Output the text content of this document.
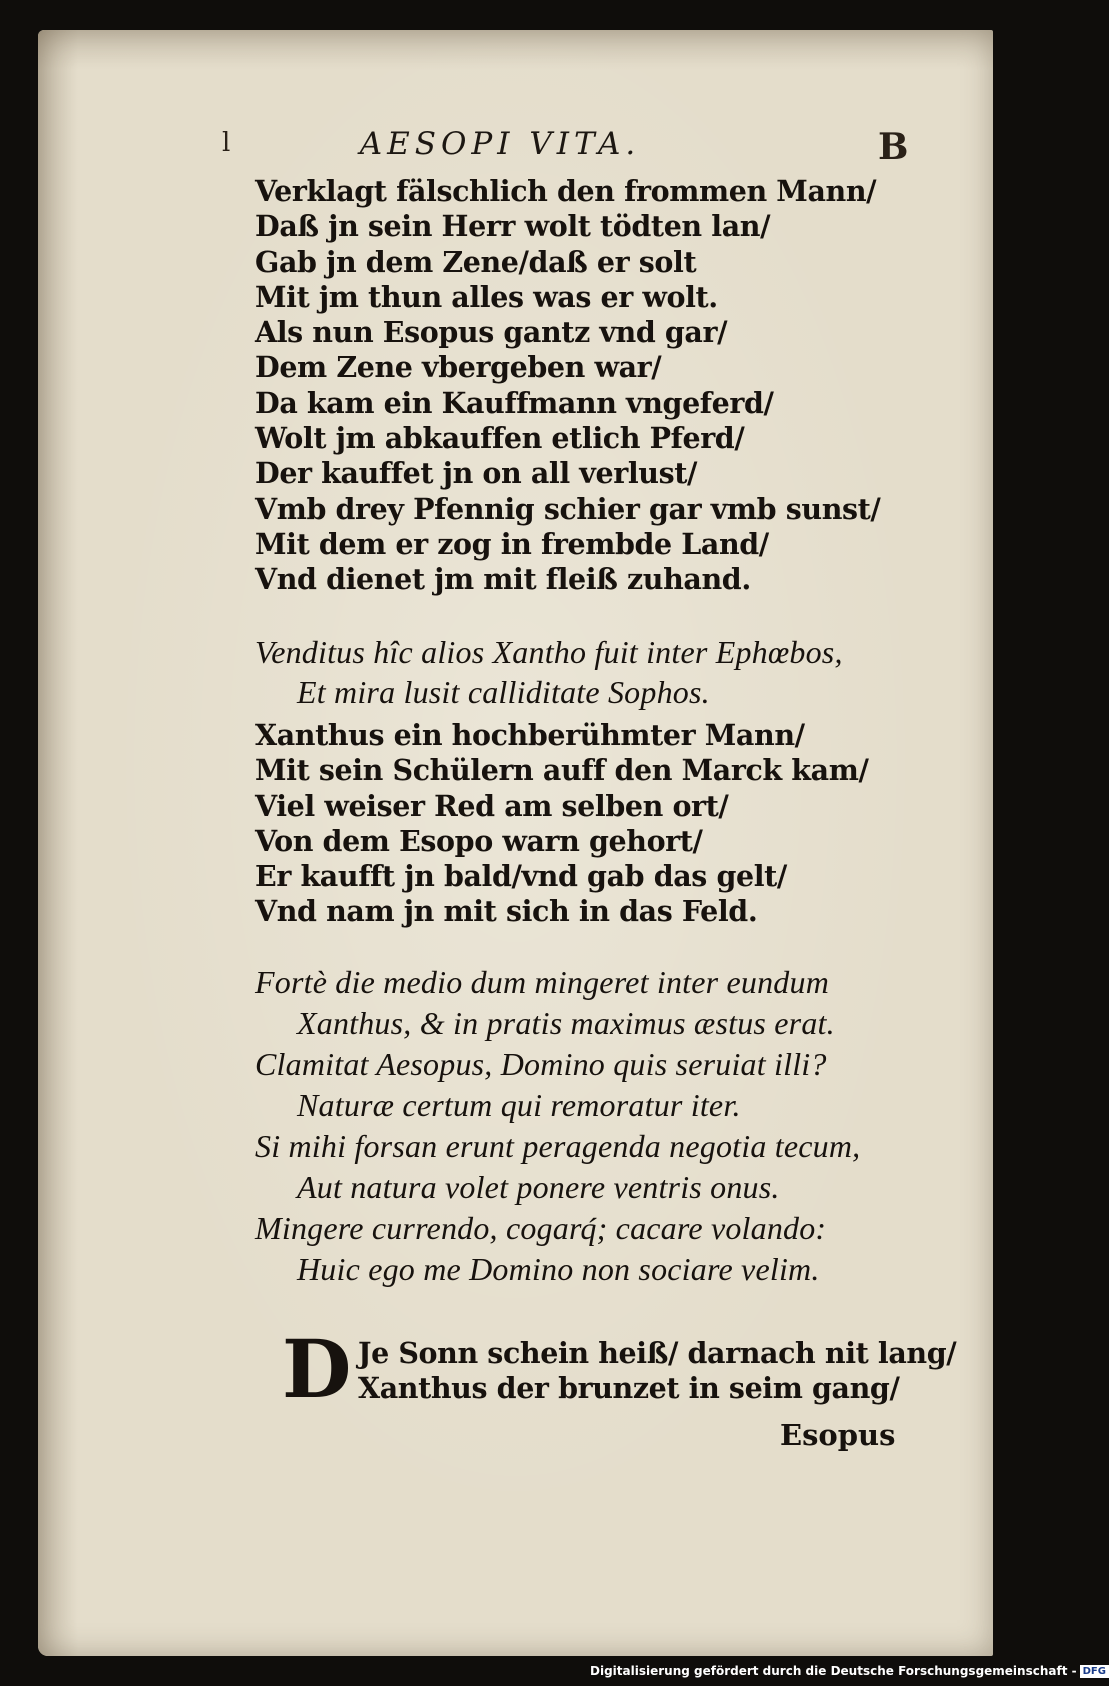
ⅼ	AESOPI VITA.	B
Verklagt fälschlich den frommen Mann/
Daß jn sein Herr wolt tödten lan/
Gab jn dem Zene/daß er solt
Mit jm thun alles was er wolt.
Als nun Esopus gantz vnd gar/
Dem Zene vbergeben war/
Da kam ein Kauffmann vngeferd/
Wolt jm abkauffen etlich Pferd/
Der kauffet jn on all verlust/
Vmb drey Pfennig schier gar vmb sunst/
Mit dem er zog in frembde Land/
Vnd dienet jm mit fleiß zuhand.
Venditus hîc alios Xantho fuit inter Ephœbos,
Et mira lusit calliditate Sophos.
Xanthus ein hochberühmter Mann/
Mit sein Schülern auff den Marck kam/
Viel weiser Red am selben ort/
Von dem Esopo warn gehort/
Er kaufft jn bald/vnd gab das gelt/
Vnd nam jn mit sich in das Feld.
Fortè die medio dum mingeret inter eundum
Xanthus, & in pratis maximus æstus erat.
Clamitat Aesopus, Domino quis seruiat illi?
Naturæ certum qui remoratur iter.
Si mihi forsan erunt peragenda negotia tecum,
Aut natura volet ponere ventris onus.
Mingere currendo, cogarq́; cacare volando:
Huic ego me Domino non sociare velim.
D Je Sonn schein heiß/ darnach nit lang/
Xanthus der brunzet in seim gang/
Esopus
Digitalisierung gefördert durch die Deutsche Forschungsgemeinschaft - DFG
